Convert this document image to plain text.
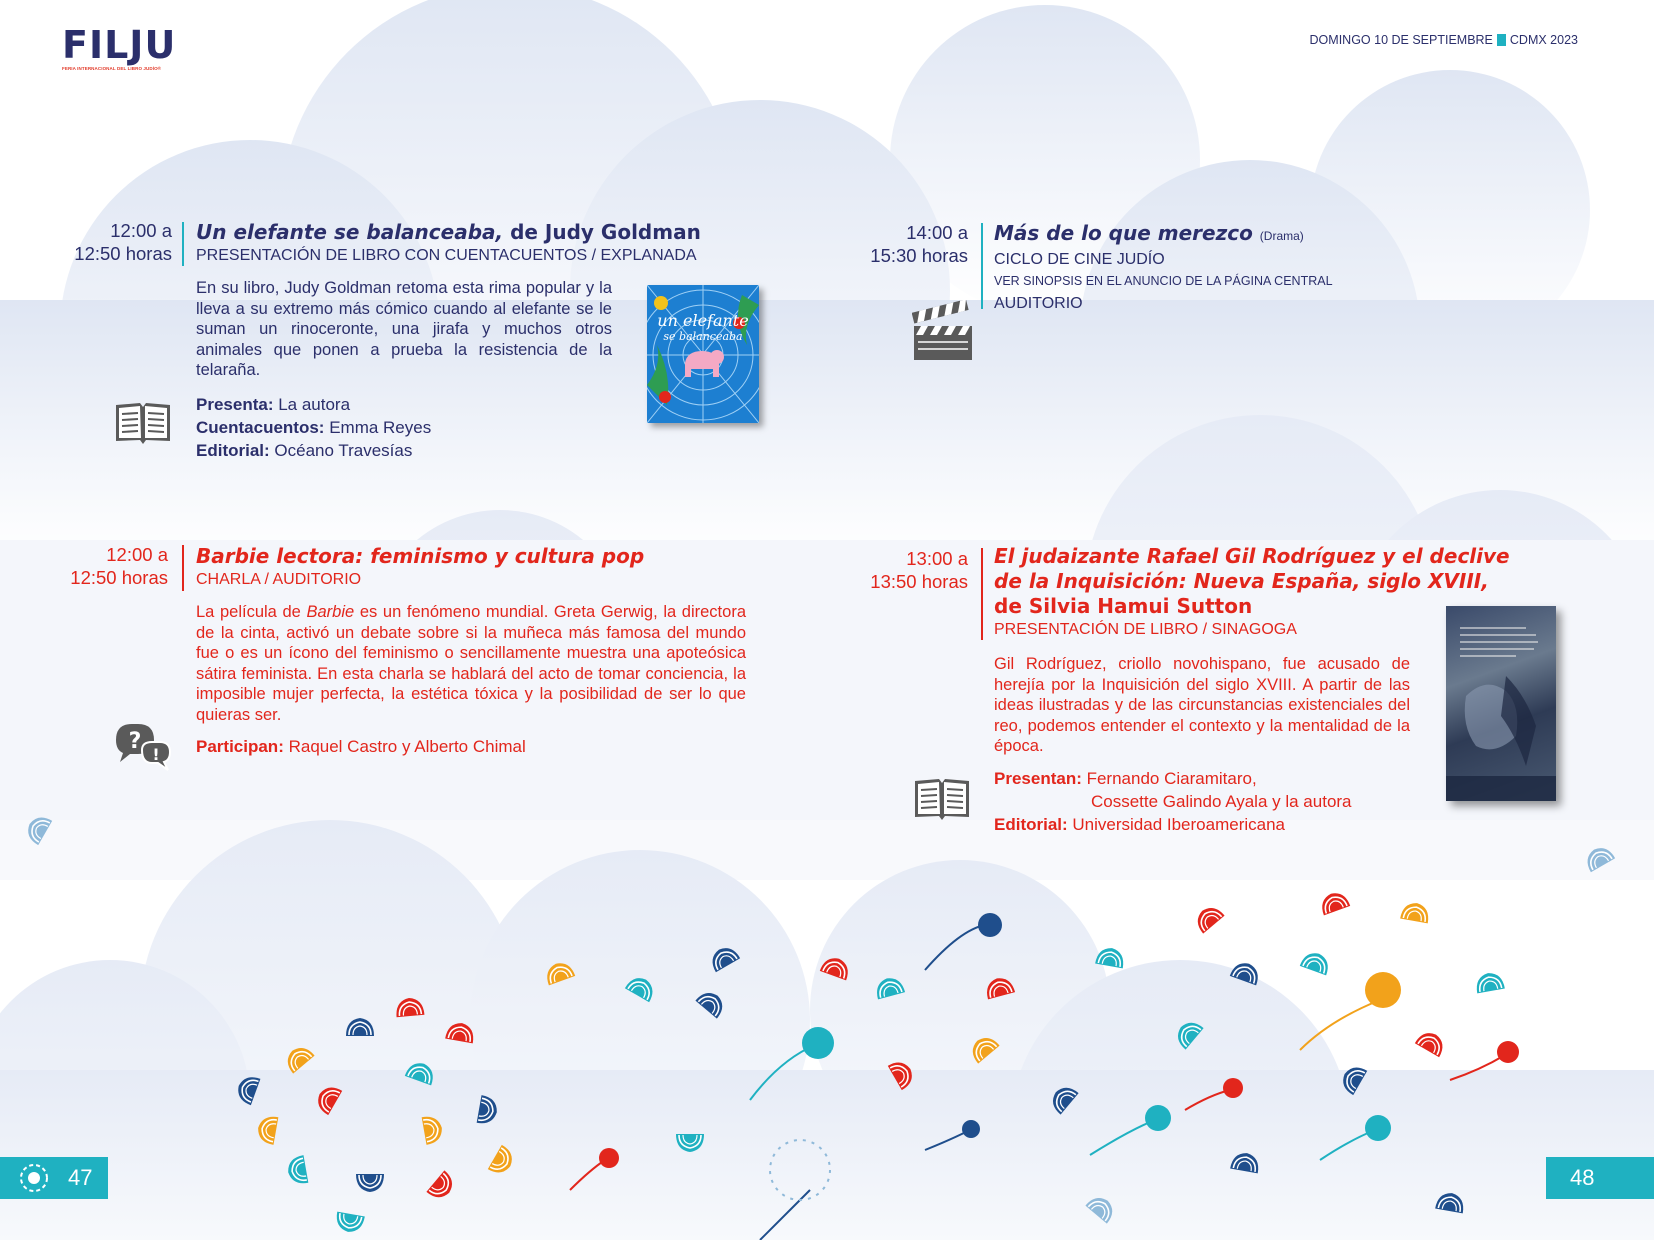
FILJU
FERIA INTERNACIONAL DEL LIBRO JUDÍO®
DOMINGO 10 DE SEPTIEMBRE CDMX 2023
12:00 a
12:50 horas

Un elefante se balanceaba, de Judy Goldman

PRESENTACIÓN DE LIBRO CON CUENTACUENTOS / EXPLANADA

En su libro, Judy Goldman retoma esta rima popular y la lleva a su extremo más cómico cuando al elefante se le suman un rinoceronte, una jirafa y muchos otros animales que ponen a prueba la resistencia de la telaraña.

Presenta: La autora

Cuentacuentos: Emma Reyes

Editorial: Océano Travesías

un elefante
se balanceaba
14:00 a
15:30 horas

Más de lo que merezco (Drama)

CICLO DE CINE JUDÍO

VER SINOPSIS EN EL ANUNCIO DE LA PÁGINA CENTRAL

AUDITORIO

12:00 a
12:50 horas

Barbie lectora: feminismo y cultura pop

CHARLA / AUDITORIO

La película de Barbie es un fenómeno mundial. Greta Gerwig, la directora de la cinta, activó un debate sobre si la muñeca más famosa del mundo fue o es un ícono del feminismo o sencillamente muestra una apoteósica sátira feminista. En esta charla se hablará del acto de tomar conciencia, la imposible mujer perfecta, la estética tóxica y la posibilidad de ser lo que quieras ser.

Participan: Raquel Castro y Alberto Chimal

?
!
13:00 a
13:50 horas

El judaizante Rafael Gil Rodríguez y el declive
de la Inquisición: Nueva España, siglo XVIII,
de Silvia Hamui Sutton

PRESENTACIÓN DE LIBRO / SINAGOGA

Gil Rodríguez, criollo novohispano, fue acusado de herejía por la Inquisición del siglo XVIII. A partir de las ideas ilustradas y de las circunstancias existenciales del reo, podemos entender el contexto y la mentalidad de la época.

Presentan: Fernando Ciaramitaro,

Cossette Galindo Ayala y la autora

Editorial: Universidad Iberoamericana

47	48
